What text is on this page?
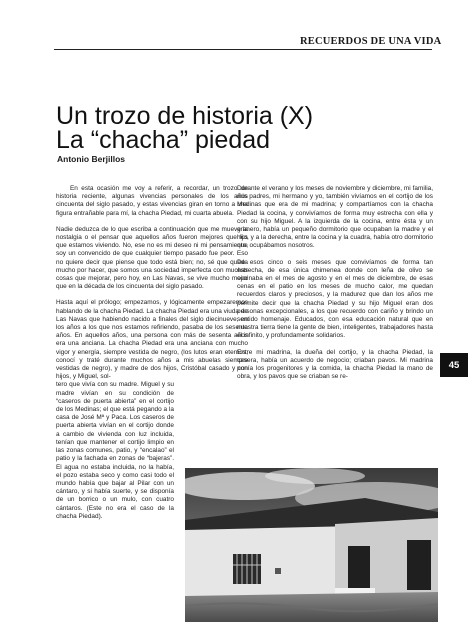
RECUERDOS DE UNA VIDA
Un trozo de historia (X)
La “chacha” piedad
Antonio Berjillos

En esta ocasión me voy a referir, a recordar, un trozo de historia reciente, algunas vivencias personales de los años cincuenta del siglo pasado, y estas vivencias giran en torno a una figura entrañable para mí, la chacha Piedad, mi cuarta abuela.

Nadie deduzca de lo que escriba a continuación que me mueve la nostalgia o el pensar que aquellos años fueron mejores que los que estamos viviendo. No, ese no es mi deseo ni mi pensamiento, soy un convencido de que cualquier tiempo pasado fue peor. Eso no quiere decir que piense que todo está bien; no, sé que queda mucho por hacer, que somos una sociedad imperfecta con muchas cosas que mejorar, pero hoy, en Las Navas, se vive mucho mejor que en la década de los cincuenta del siglo pasado.

Hasta aquí el prólogo; empezamos, y lógicamente empezaremos hablando de la chacha Piedad. La chacha Piedad era una viuda de Las Navas que habiendo nacido a finales del siglo diecinueve, en los años a los que nos estamos refiriendo, pasaba de los sesenta años. En aquellos años, una persona con más de sesenta años era una anciana. La chacha Piedad era una anciana con mucho vigor y energía, siempre vestida de negro, (los lutos eran eternos; conocí y traté durante muchos años a mis abuelas siempre vestidas de negro), y madre de dos hijos, Cristóbal casado y con hijos, y Miguel, sol-

tero que vivía con su madre. Miguel y su madre vivían en su condición de “caseros de puerta abierta” en el cortijo de los Medinas; el que está pegando a la casa de José Mª y Paca. Los caseros de puerta abierta vivían en el cortijo donde a cambio de vivienda con luz incluida, tenían que mantener el cortijo limpio en las zonas comunes, patio, y “encalao” el patio y la fachada en zonas de “bajeras”. El agua no estaba incluida, no la había, el pozo estaba seco y como casi todo el mundo había que bajar al Pilar con un cántaro, y si había suerte, y se disponía de un borrico o un mulo, con cuatro cántaros. (Este no era el caso de la chacha Piedad).

Durante el verano y los meses de noviembre y diciembre, mi familia, mis padres, mi hermano y yo, también vivíamos en el cortijo de los Medinas que era de mi madrina; y compartíamos con la chacha Piedad la cocina, y convivíamos de forma muy estrecha con ella y con su hijo Miguel. A la izquierda de la cocina, entre ésta y un granero, había un pequeño dormitorio que ocupaban la madre y el hijo, y a la derecha, entre la cocina y la cuadra, había otro dormitorio que ocupábamos nosotros.

De esos cinco o seis meses que convivíamos de forma tan estrecha, de esa única chimenea donde con leña de olivo se cocinaba en el mes de agosto y en el mes de diciembre, de esas cenas en el patio en los meses de mucho calor, me quedan recuerdos claros y preciosos, y la madurez que dan los años me permite decir que la chacha Piedad y su hijo Miguel eran dos personas excepcionales, a los que recuerdo con cariño y brindo un sentido homenaje. Educados, con esa educación natural que en nuestra tierra tiene la gente de bien, inteligentes, trabajadores hasta el infinito, y profundamente solidarios.

Entre mi madrina, la dueña del cortijo, y la chacha Piedad, la casera, había un acuerdo de negocio; criaban pavos. Mi madrina ponía los progenitores y la comida, la chacha Piedad la mano de obra, y los pavos que se criaban se re-

45
